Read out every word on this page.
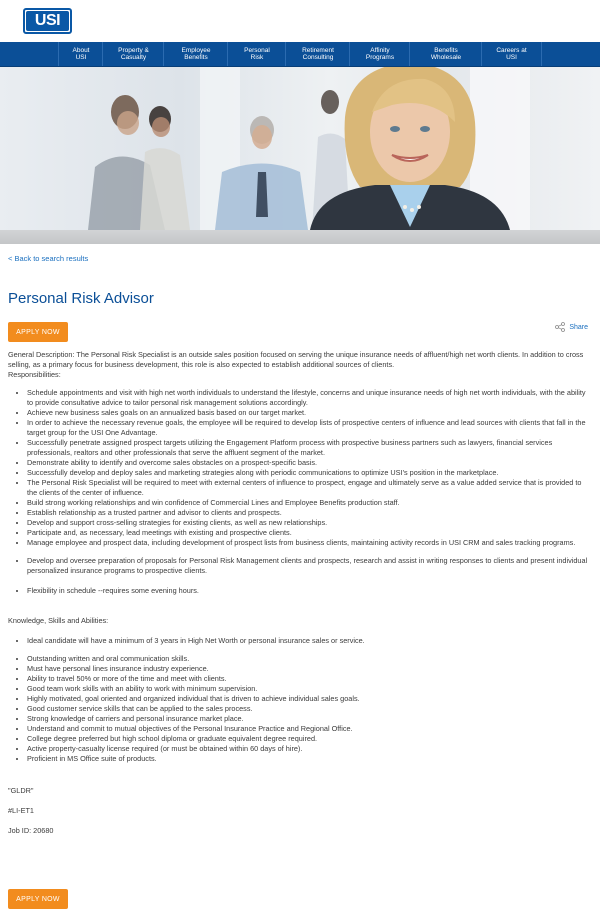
USI
About
USI
Property &
Casualty
Employee
Benefits
Personal
Risk
Retirement
Consulting
Affinity
Programs
Benefits
Wholesale
Careers at
USI
< Back to search results
Personal Risk Advisor
APPLY NOW
Share

General Description: The Personal Risk Specialist is an outside sales position focused on serving the unique insurance needs of affluent/high net worth clients. In addition to cross selling, as a primary focus for business development, this role is also expected to establish additional sources of clients.

Responsibilities:

• Schedule appointments and visit with high net worth individuals to understand the lifestyle, concerns and unique insurance needs of high net worth individuals, with the ability to provide consultative advice to tailor personal risk management solutions accordingly.
• Achieve new business sales goals on an annualized basis based on our target market.
• In order to achieve the necessary revenue goals, the employee will be required to develop lists of prospective centers of influence and lead sources with clients that fall in the target group for the USI One Advantage.
• Successfully penetrate assigned prospect targets utilizing the Engagement Platform process with prospective business partners such as lawyers, financial services professionals, realtors and other professionals that serve the affluent segment of the market.
• Demonstrate ability to identify and overcome sales obstacles on a prospect-specific basis.
• Successfully develop and deploy sales and marketing strategies along with periodic communications to optimize USI's position in the marketplace.
• The Personal Risk Specialist will be required to meet with external centers of influence to prospect, engage and ultimately serve as a value added service that is provided to the clients of the center of influence.
• Build strong working relationships and win confidence of Commercial Lines and Employee Benefits production staff.
• Establish relationship as a trusted partner and advisor to clients and prospects.
• Develop and support cross-selling strategies for existing clients, as well as new relationships.
• Participate and, as necessary, lead meetings with existing and prospective clients.
• Manage employee and prospect data, including development of prospect lists from business clients, maintaining activity records in USI CRM and sales tracking programs.
• Develop and oversee preparation of proposals for Personal Risk Management clients and prospects, research and assist in writing responses to clients and present individual personalized insurance programs to prospective clients.
• Flexibility in schedule --requires some evening hours.

Knowledge, Skills and Abilities:

• Ideal candidate will have a minimum of 3 years in High Net Worth or personal insurance sales or service.
• Outstanding written and oral communication skills.
• Must have personal lines insurance industry experience.
• Ability to travel 50% or more of the time and meet with clients.
• Good team work skills with an ability to work with minimum supervision.
• Highly motivated, goal oriented and organized individual that is driven to achieve individual sales goals.
• Good customer service skills that can be applied to the sales process.
• Strong knowledge of carriers and personal insurance market place.
• Understand and commit to mutual objectives of the Personal Insurance Practice and Regional Office.
• College degree preferred but high school diploma or graduate equivalent degree required.
• Active property-casualty license required (or must be obtained within 60 days of hire).
• Proficient in MS Office suite of products.

"GLDR"

#LI-ET1

Job ID: 20680

APPLY NOW
